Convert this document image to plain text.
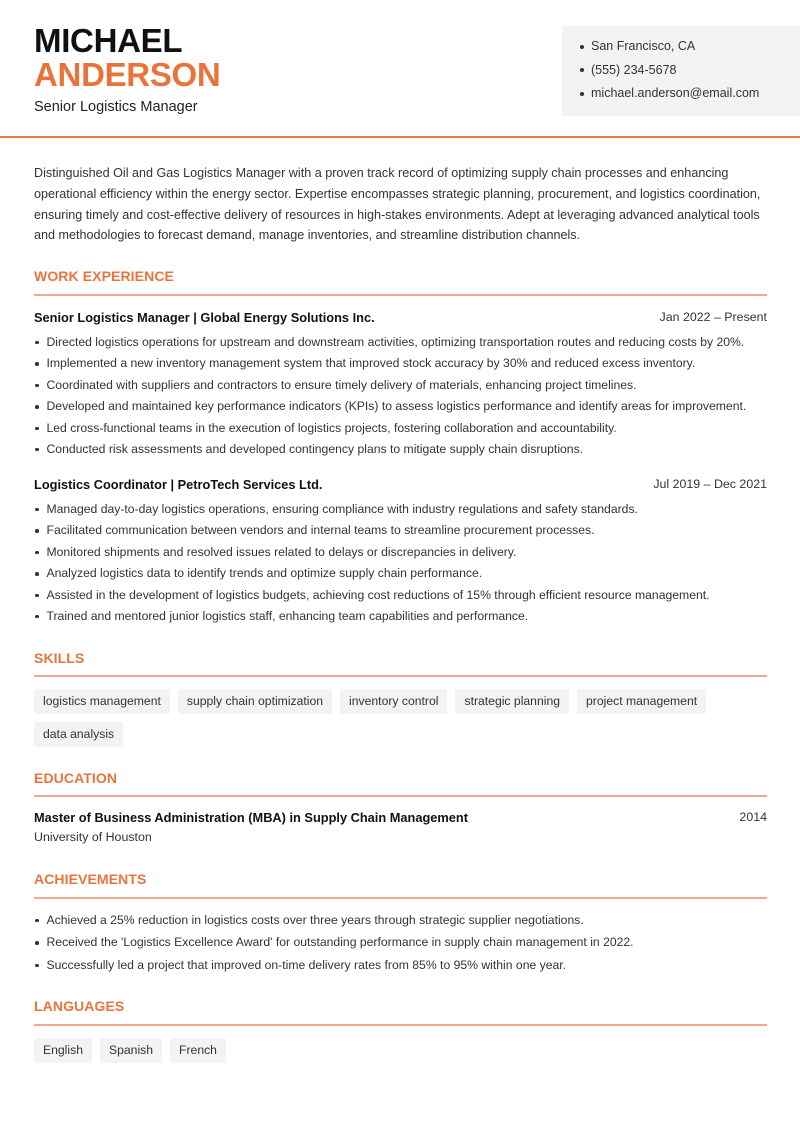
MICHAEL
ANDERSON
Senior Logistics Manager
San Francisco, CA
(555) 234-5678
michael.anderson@email.com

Distinguished Oil and Gas Logistics Manager with a proven track record of optimizing supply chain processes and enhancing operational efficiency within the energy sector. Expertise encompasses strategic planning, procurement, and logistics coordination, ensuring timely and cost-effective delivery of resources in high-stakes environments. Adept at leveraging advanced analytical tools and methodologies to forecast demand, manage inventories, and streamline distribution channels.

WORK EXPERIENCE
Senior Logistics Manager | Global Energy Solutions Inc.	Jan 2022 – Present
Directed logistics operations for upstream and downstream activities, optimizing transportation routes and reducing costs by 20%.
Implemented a new inventory management system that improved stock accuracy by 30% and reduced excess inventory.
Coordinated with suppliers and contractors to ensure timely delivery of materials, enhancing project timelines.
Developed and maintained key performance indicators (KPIs) to assess logistics performance and identify areas for improvement.
Led cross-functional teams in the execution of logistics projects, fostering collaboration and accountability.
Conducted risk assessments and developed contingency plans to mitigate supply chain disruptions.
Logistics Coordinator | PetroTech Services Ltd.	Jul 2019 – Dec 2021
Managed day-to-day logistics operations, ensuring compliance with industry regulations and safety standards.
Facilitated communication between vendors and internal teams to streamline procurement processes.
Monitored shipments and resolved issues related to delays or discrepancies in delivery.
Analyzed logistics data to identify trends and optimize supply chain performance.
Assisted in the development of logistics budgets, achieving cost reductions of 15% through efficient resource management.
Trained and mentored junior logistics staff, enhancing team capabilities and performance.
SKILLS
logistics management	supply chain optimization	inventory control	strategic planning	project management
data analysis
EDUCATION
Master of Business Administration (MBA) in Supply Chain Management	2014
University of Houston
ACHIEVEMENTS
Achieved a 25% reduction in logistics costs over three years through strategic supplier negotiations.
Received the 'Logistics Excellence Award' for outstanding performance in supply chain management in 2022.
Successfully led a project that improved on-time delivery rates from 85% to 95% within one year.
LANGUAGES
English	Spanish	French
